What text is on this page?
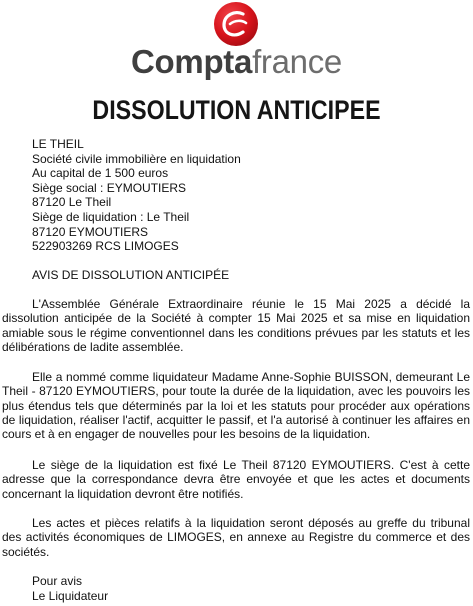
Comptafrance
DISSOLUTION ANTICIPEE
LE THEIL
Société civile immobilière en liquidation
Au capital de 1 500 euros
Siège social : EYMOUTIERS
87120 Le Theil
Siège de liquidation : Le Theil
87120 EYMOUTIERS
522903269 RCS LIMOGES
AVIS DE DISSOLUTION ANTICIPÉE
L'Assemblée Générale Extraordinaire réunie le 15 Mai 2025 a décidé la dissolution anticipée de la Société à compter 15 Mai 2025 et sa mise en liquidation amiable sous le régime conventionnel dans les conditions prévues par les statuts et les délibérations de ladite assemblée.
Elle a nommé comme liquidateur Madame Anne-Sophie BUISSON, demeurant Le Theil - 87120 EYMOUTIERS, pour toute la durée de la liquidation, avec les pouvoirs les plus étendus tels que déterminés par la loi et les statuts pour procéder aux opérations de liquidation, réaliser l'actif, acquitter le passif, et l'a autorisé à continuer les affaires en cours et à en engager de nouvelles pour les besoins de la liquidation.
Le siège de la liquidation est fixé Le Theil 87120 EYMOUTIERS. C'est à cette adresse que la correspondance devra être envoyée et que les actes et documents concernant la liquidation devront être notifiés.
Les actes et pièces relatifs à la liquidation seront déposés au greffe du tribunal des activités économiques de LIMOGES, en annexe au Registre du commerce et des sociétés.
Pour avis
Le Liquidateur
